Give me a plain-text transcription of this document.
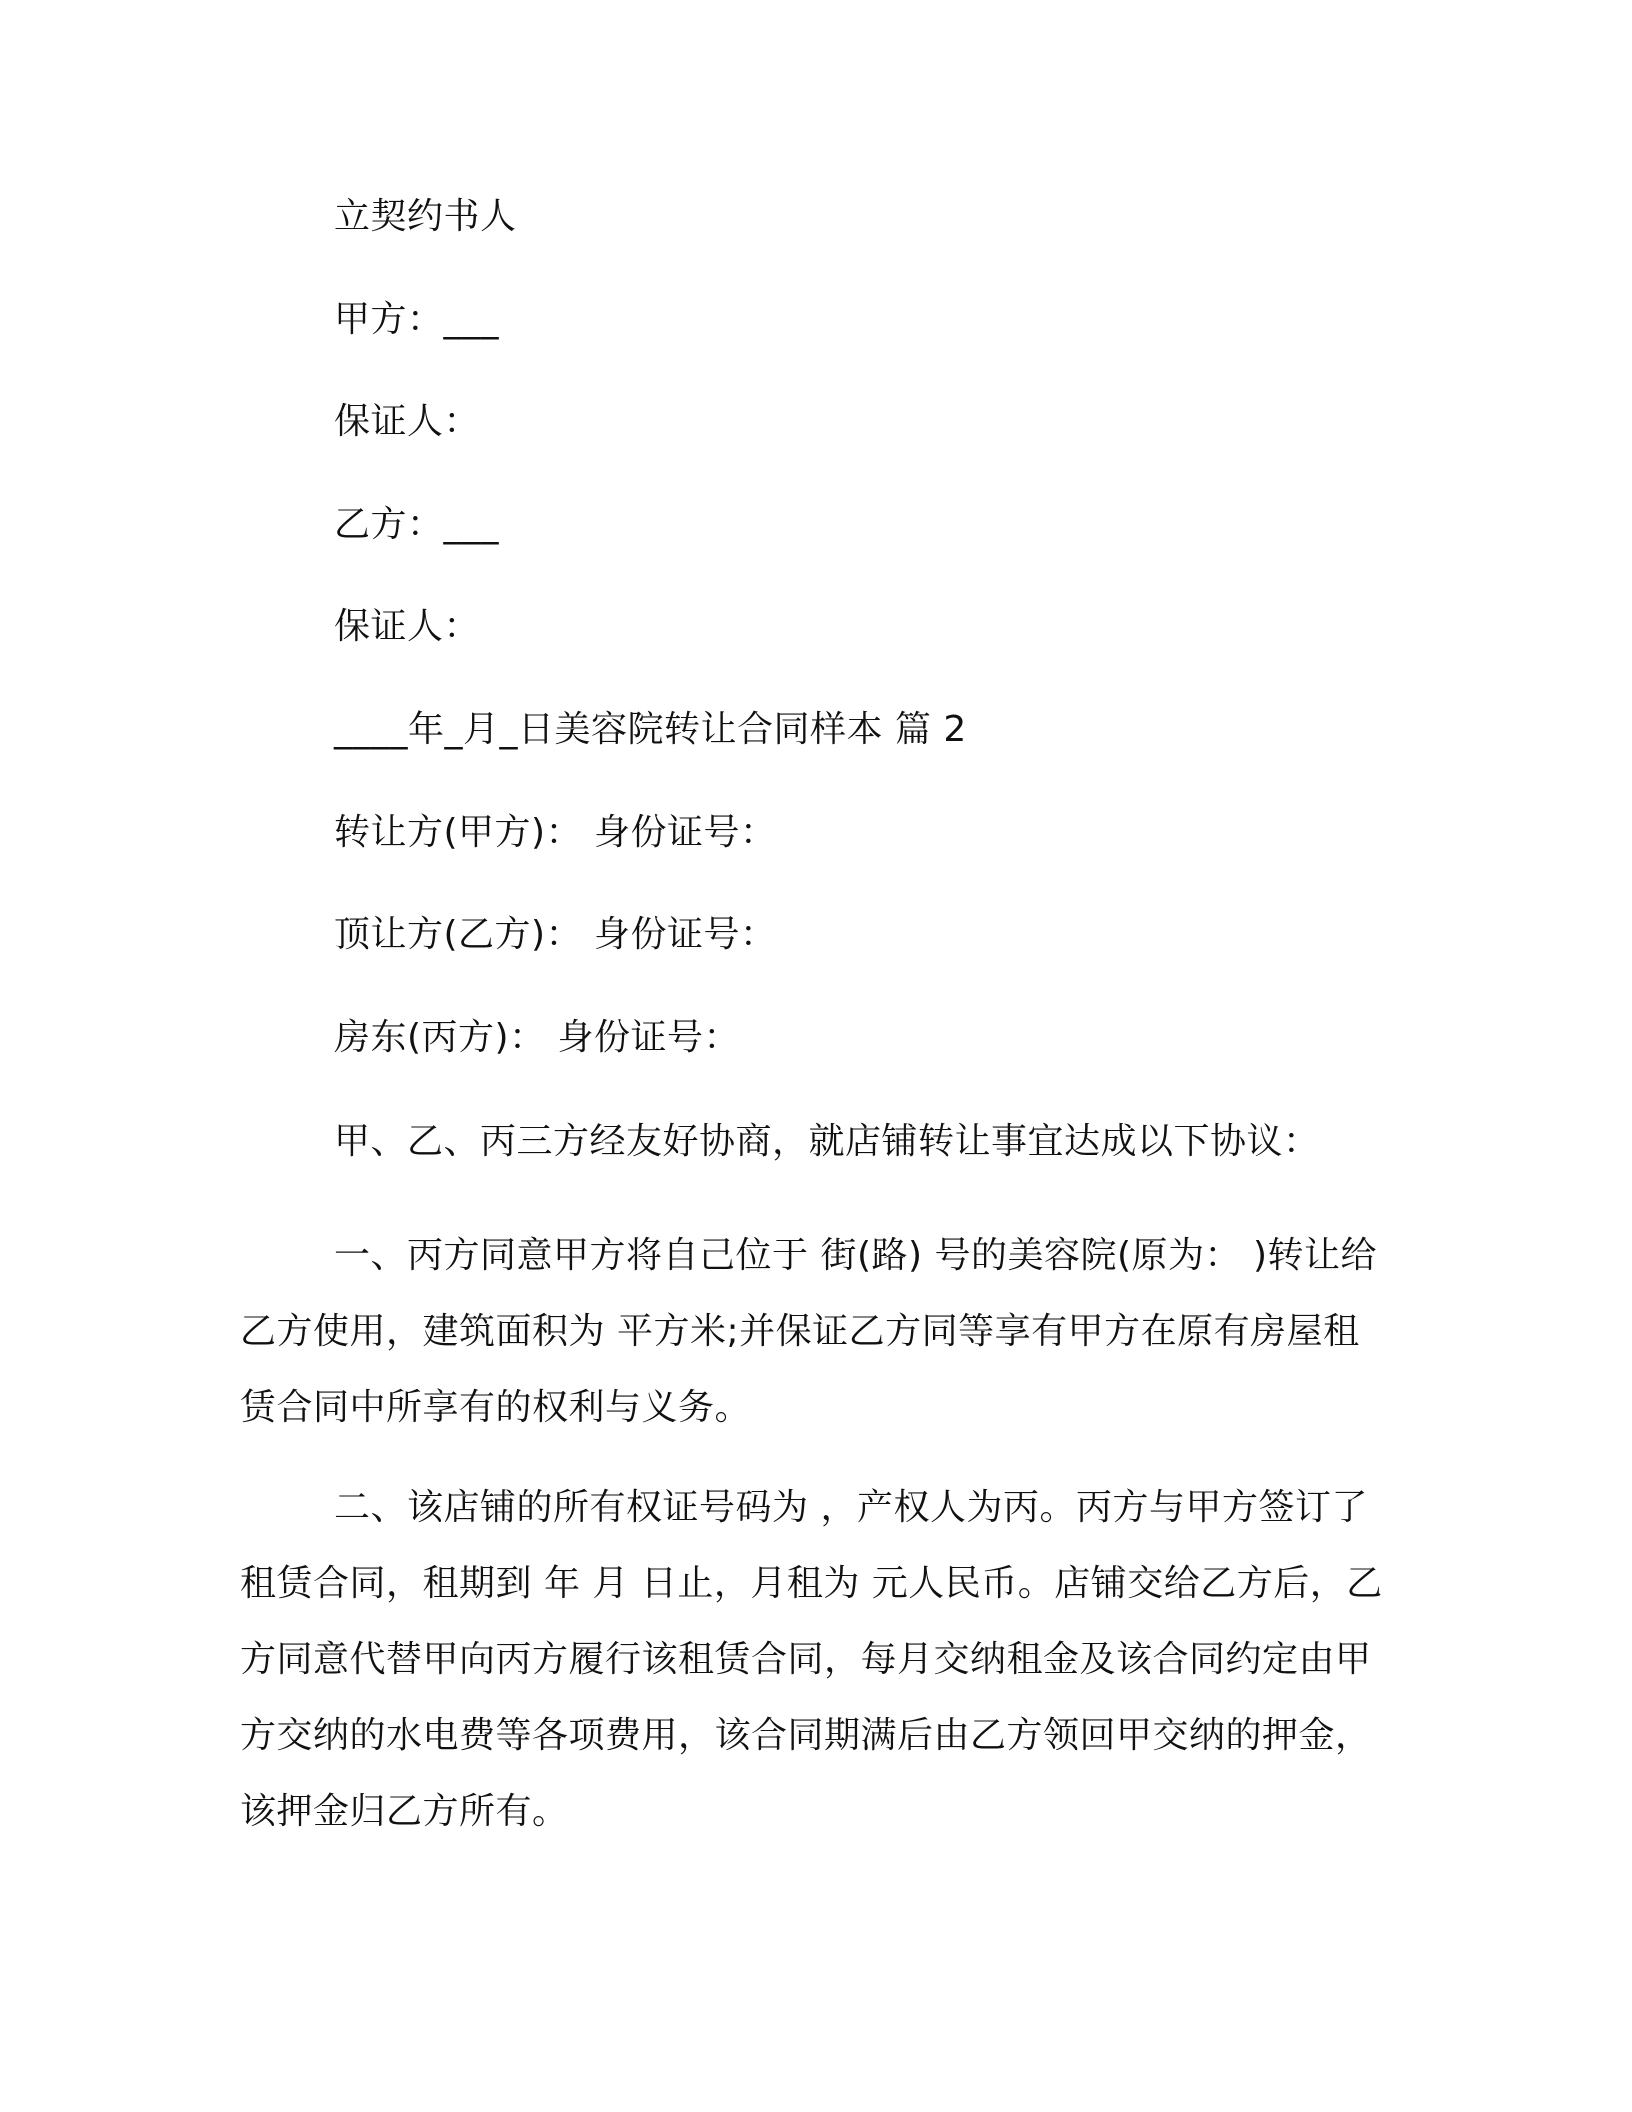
立契约书人
甲方：___
保证人：
乙方：___
保证人：
____年_月_日美容院转让合同样本 篇 2
转让方(甲方)： 身份证号：
顶让方(乙方)： 身份证号：
房东(丙方)： 身份证号：
甲、乙、丙三方经友好协商，就店铺转让事宜达成以下协议：
一、丙方同意甲方将自己位于 街(路) 号的美容院(原为： )转让给乙方使用，建筑面积为 平方米;并保证乙方同等享有甲方在原有房屋租赁合同中所享有的权利与义务。
二、该店铺的所有权证号码为 ，产权人为丙。丙方与甲方签订了租赁合同，租期到 年 月 日止，月租为 元人民币。店铺交给乙方后，乙方同意代替甲向丙方履行该租赁合同，每月交纳租金及该合同约定由甲方交纳的水电费等各项费用，该合同期满后由乙方领回甲交纳的押金，该押金归乙方所有。
